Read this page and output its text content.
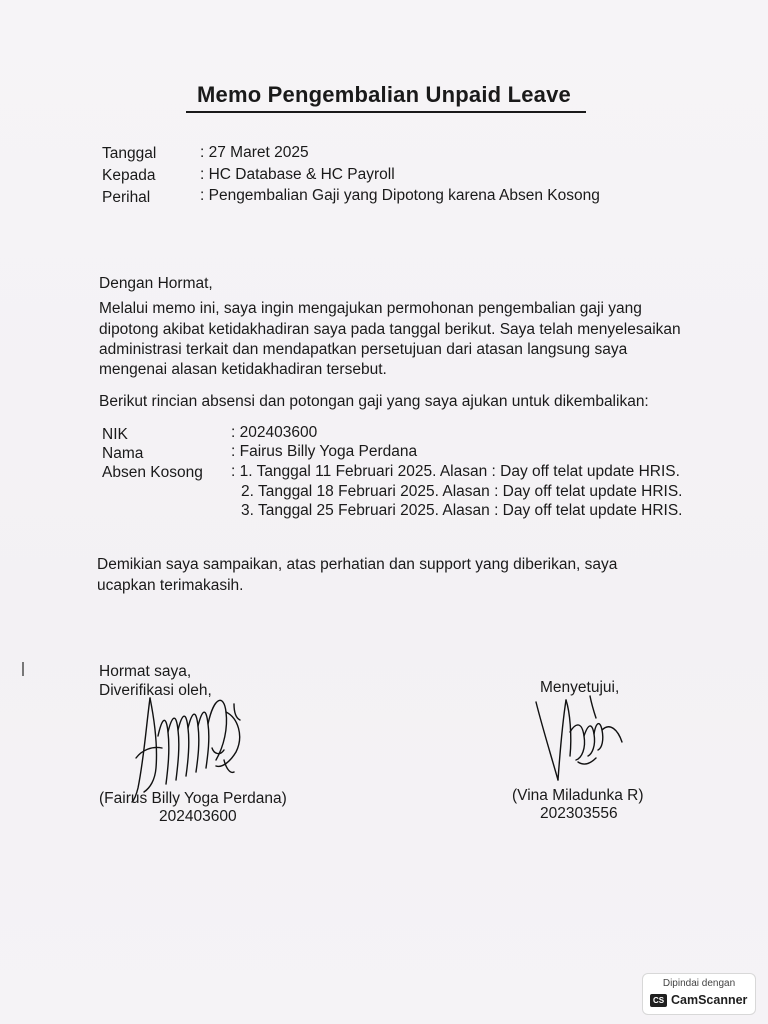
Memo Pengembalian Unpaid Leave
Tanggal	: 27 Maret 2025
Kepada	: HC Database & HC Payroll
Perihal	: Pengembalian Gaji yang Dipotong karena Absen Kosong
Dengan Hormat,
Melalui memo ini, saya ingin mengajukan permohonan pengembalian gaji yang
dipotong akibat ketidakhadiran saya pada tanggal berikut. Saya telah menyelesaikan
administrasi terkait dan mendapatkan persetujuan dari atasan langsung saya
mengenai alasan ketidakhadiran tersebut.
Berikut rincian absensi dan potongan gaji yang saya ajukan untuk dikembalikan:
NIK	: 202403600
Nama	: Fairus Billy Yoga Perdana
Absen Kosong : 1. Tanggal 11 Februari 2025. Alasan : Day off telat update HRIS.
2. Tanggal 18 Februari 2025. Alasan : Day off telat update HRIS.
3. Tanggal 25 Februari 2025. Alasan : Day off telat update HRIS.
Demikian saya sampaikan, atas perhatian dan support yang diberikan, saya
ucapkan terimakasih.
Hormat saya,
Diverifikasi oleh,
(Fairus Billy Yoga Perdana)
202403600
Menyetujui,
(Vina Miladunka R)
202303556
Dipindai dengan
CS CamScanner
